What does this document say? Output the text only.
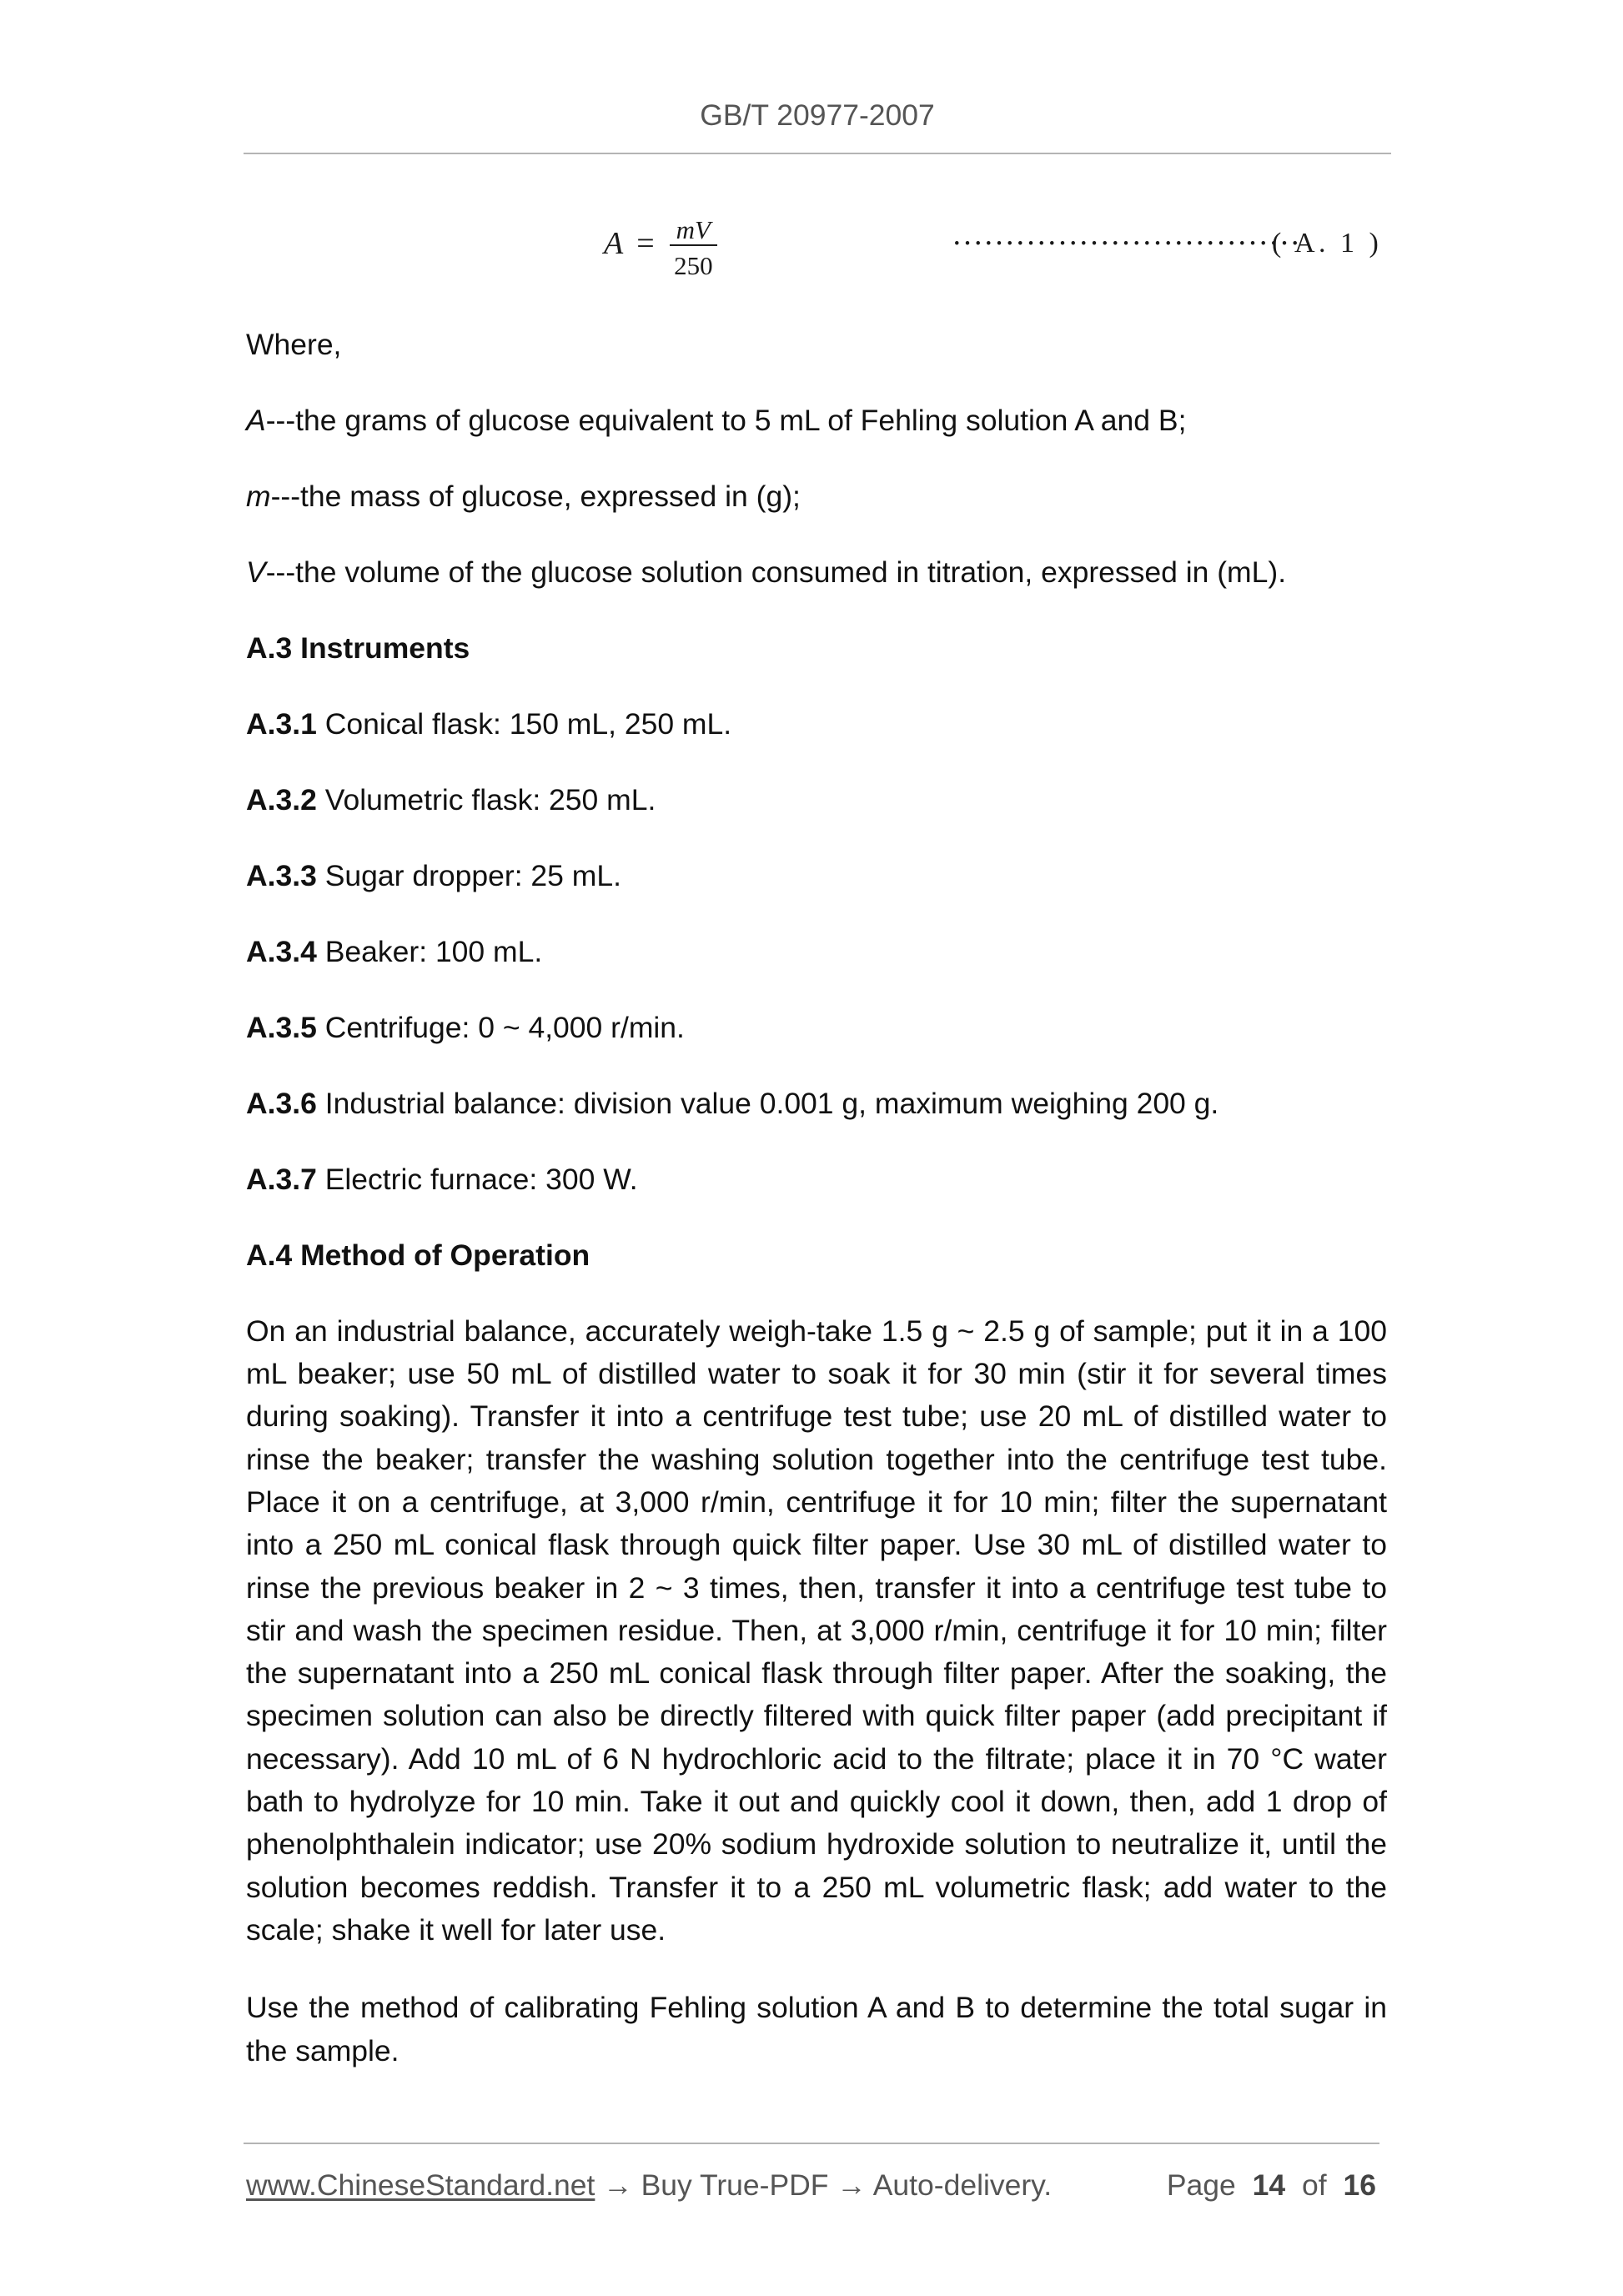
GB/T 20977-2007
$A = \frac{mV}{250}$	……………………………
( A. 1 )
Where,
A---the grams of glucose equivalent to 5 mL of Fehling solution A and B;
m---the mass of glucose, expressed in (g);
V---the volume of the glucose solution consumed in titration, expressed in (mL).
A.3 Instruments
A.3.1 Conical flask: 150 mL, 250 mL.
A.3.2 Volumetric flask: 250 mL.
A.3.3 Sugar dropper: 25 mL.
A.3.4 Beaker: 100 mL.
A.3.5 Centrifuge: 0 ~ 4,000 r/min.
A.3.6 Industrial balance: division value 0.001 g, maximum weighing 200 g.
A.3.7 Electric furnace: 300 W.
A.4 Method of Operation
On an industrial balance, accurately weigh-take 1.5 g ~ 2.5 g of sample; put it in a 100
mL beaker; use 50 mL of distilled water to soak it for 30 min (stir it for several times
during soaking). Transfer it into a centrifuge test tube; use 20 mL of distilled water to
rinse the beaker; transfer the washing solution together into the centrifuge test tube.
Place it on a centrifuge, at 3,000 r/min, centrifuge it for 10 min; filter the supernatant
into a 250 mL conical flask through quick filter paper. Use 30 mL of distilled water to
rinse the previous beaker in 2 ~ 3 times, then, transfer it into a centrifuge test tube to
stir and wash the specimen residue. Then, at 3,000 r/min, centrifuge it for 10 min; filter
the supernatant into a 250 mL conical flask through filter paper. After the soaking, the
specimen solution can also be directly filtered with quick filter paper (add precipitant if
necessary). Add 10 mL of 6 N hydrochloric acid to the filtrate; place it in 70 °C water
bath to hydrolyze for 10 min. Take it out and quickly cool it down, then, add 1 drop of
phenolphthalein indicator; use 20% sodium hydroxide solution to neutralize it, until the
solution becomes reddish. Transfer it to a 250 mL volumetric flask; add water to the
scale; shake it well for later use.
Use the method of calibrating Fehling solution A and B to determine the total sugar in
the sample.
www.ChineseStandard.net → Buy True-PDF → Auto-delivery.	Page 14 of 16
